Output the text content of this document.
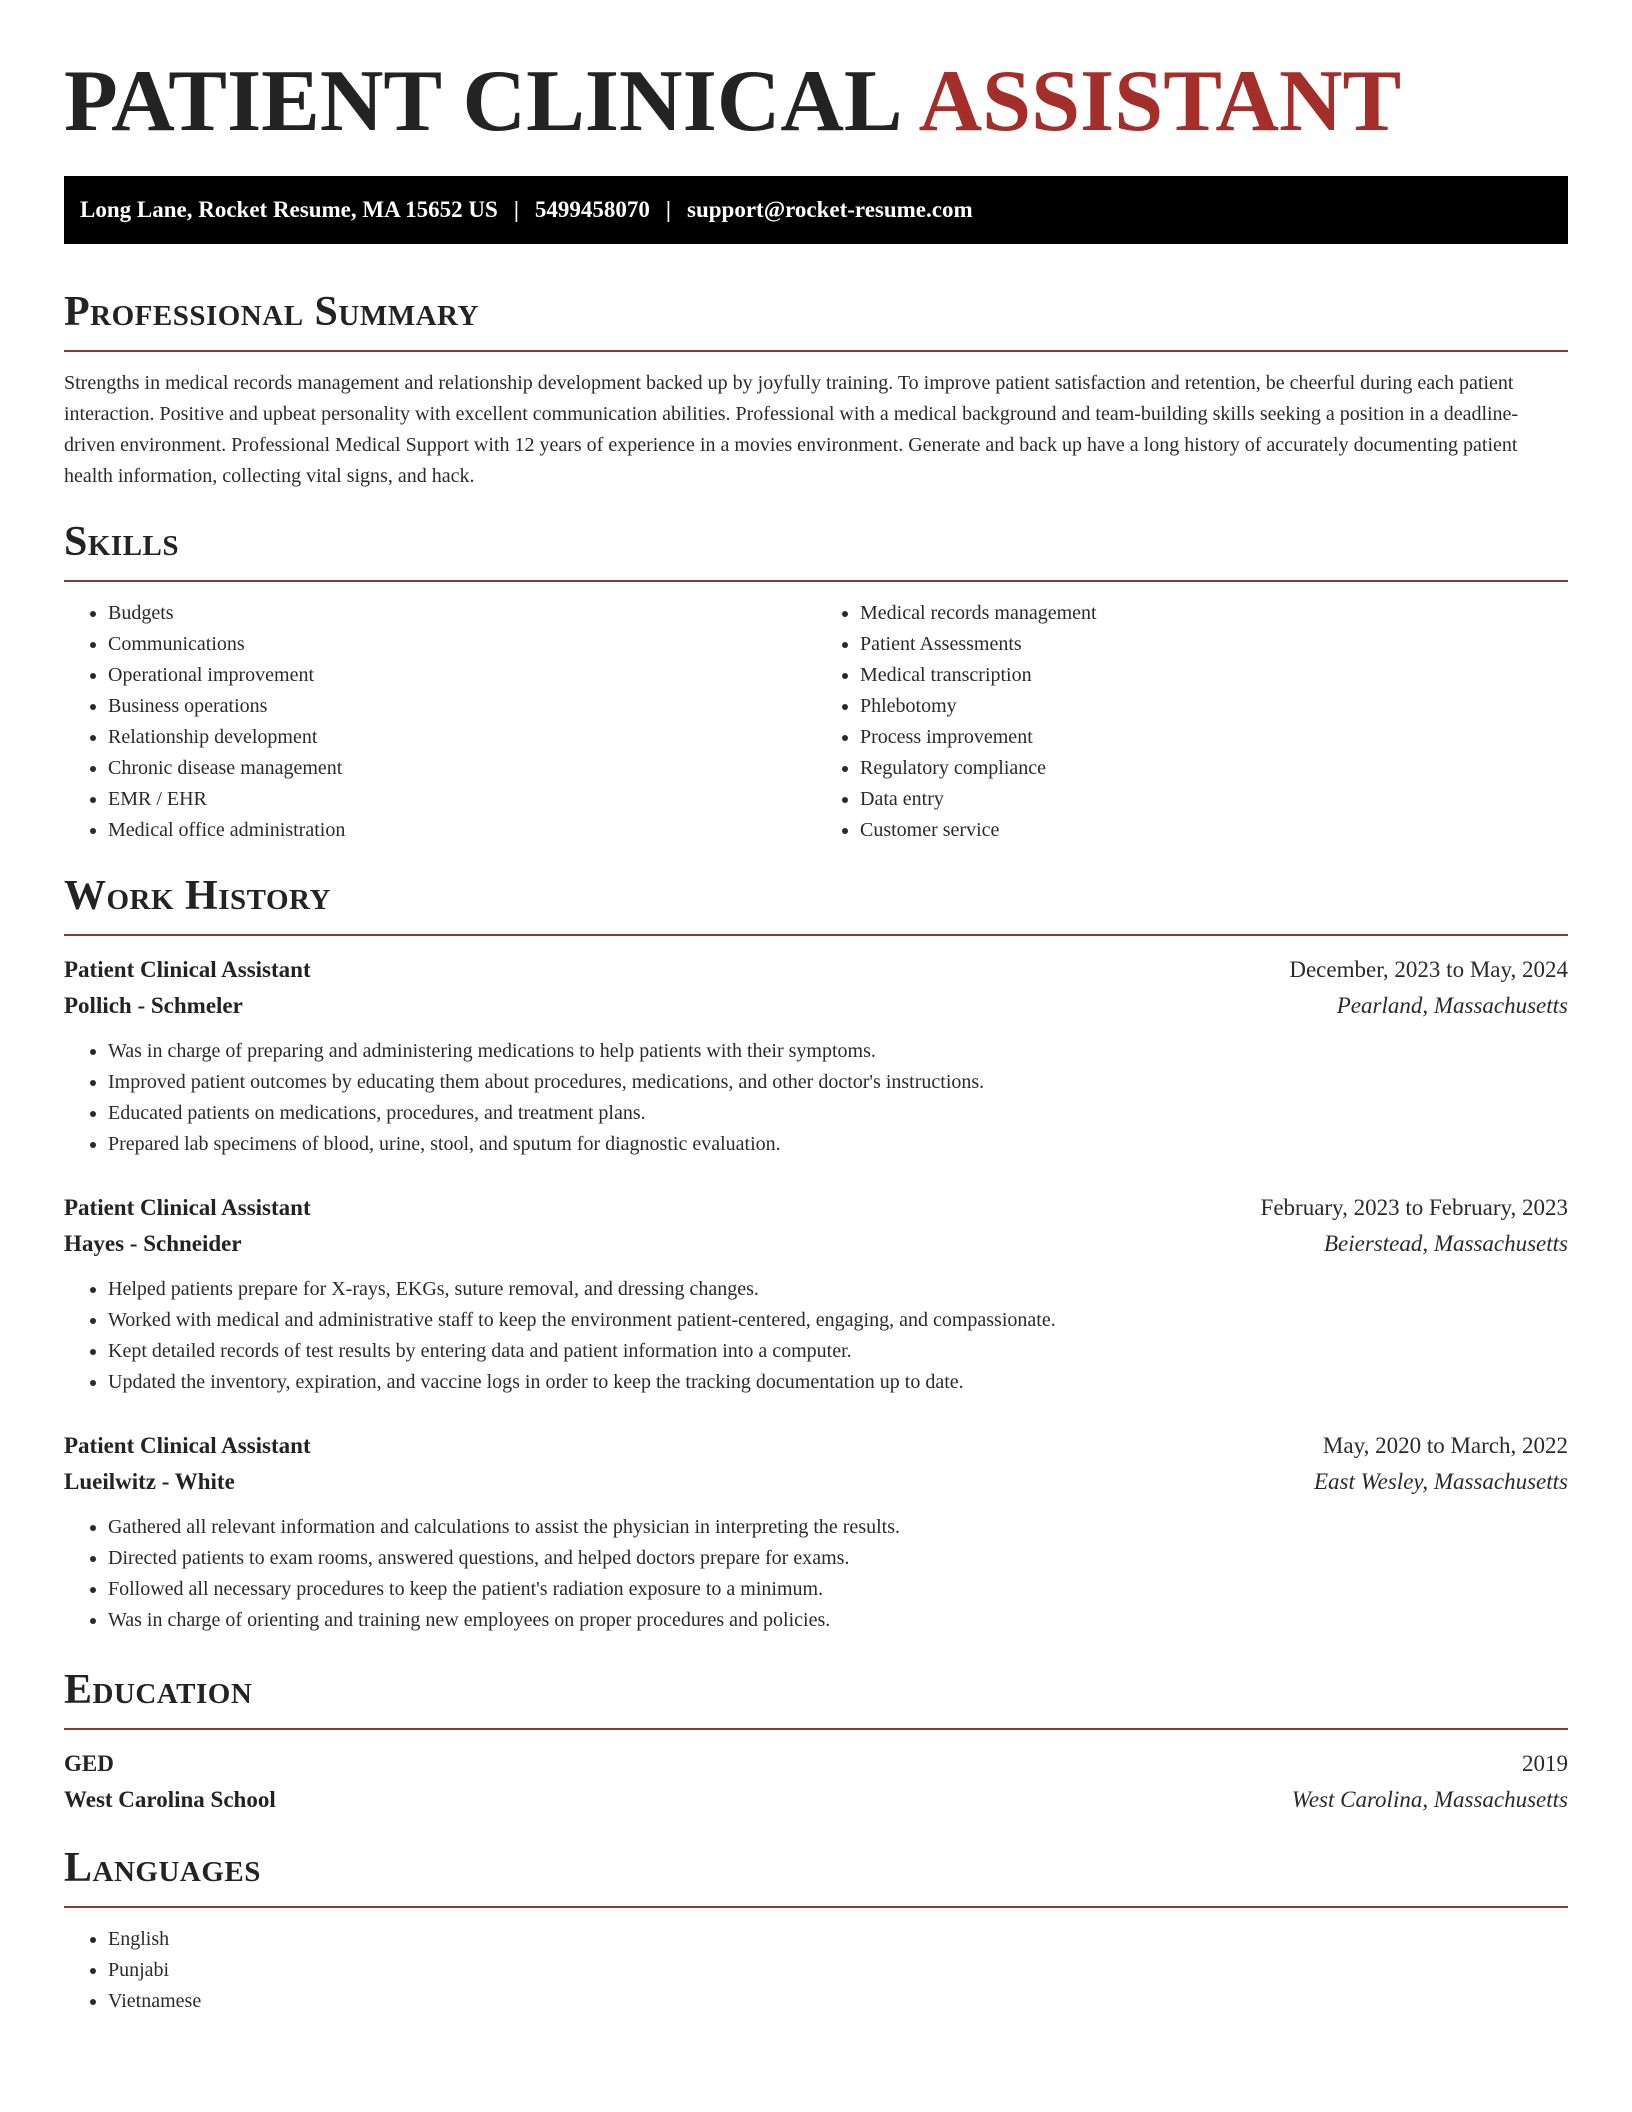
PATIENT CLINICAL ASSISTANT
Long Lane, Rocket Resume, MA 15652 US | 5499458070 | support@rocket-resume.com
Professional Summary

Strengths in medical records management and relationship development backed up by joyfully training. To improve patient satisfaction and retention, be cheerful during each patient interaction. Positive and upbeat personality with excellent communication abilities. Professional with a medical background and team-building skills seeking a position in a deadline-driven environment. Professional Medical Support with 12 years of experience in a movies environment. Generate and back up have a long history of accurately documenting patient health information, collecting vital signs, and hack.

Skills
• Budgets
• Communications
• Operational improvement
• Business operations
• Relationship development
• Chronic disease management
• EMR / EHR
• Medical office administration
• Medical records management
• Patient Assessments
• Medical transcription
• Phlebotomy
• Process improvement
• Regulatory compliance
• Data entry
• Customer service
Work History
Patient Clinical Assistant	December, 2023 to May, 2024
Pollich - Schmeler	Pearland, Massachusetts
• Was in charge of preparing and administering medications to help patients with their symptoms.
• Improved patient outcomes by educating them about procedures, medications, and other doctor's instructions.
• Educated patients on medications, procedures, and treatment plans.
• Prepared lab specimens of blood, urine, stool, and sputum for diagnostic evaluation.
Patient Clinical Assistant	February, 2023 to February, 2023
Hayes - Schneider	Beierstead, Massachusetts
• Helped patients prepare for X-rays, EKGs, suture removal, and dressing changes.
• Worked with medical and administrative staff to keep the environment patient-centered, engaging, and compassionate.
• Kept detailed records of test results by entering data and patient information into a computer.
• Updated the inventory, expiration, and vaccine logs in order to keep the tracking documentation up to date.
Patient Clinical Assistant	May, 2020 to March, 2022
Lueilwitz - White	East Wesley, Massachusetts
• Gathered all relevant information and calculations to assist the physician in interpreting the results.
• Directed patients to exam rooms, answered questions, and helped doctors prepare for exams.
• Followed all necessary procedures to keep the patient's radiation exposure to a minimum.
• Was in charge of orienting and training new employees on proper procedures and policies.
Education
GED	2019
West Carolina School	West Carolina, Massachusetts
Languages
• English
• Punjabi
• Vietnamese
